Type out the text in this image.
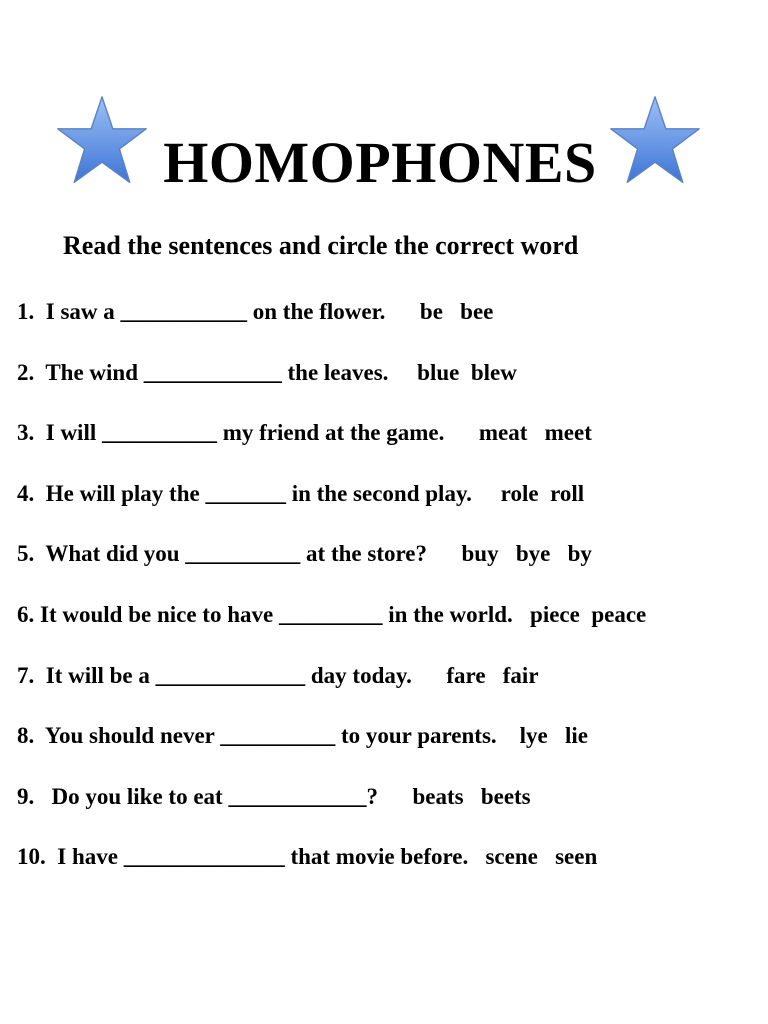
HOMOPHONES

Read the sentences and circle the correct word

1.  I saw a ___________ on the flower.      be   bee
2.  The wind ____________ the leaves.     blue  blew
3.  I will __________ my friend at the game.      meat   meet
4.  He will play the _______ in the second play.     role  roll
5.  What did you __________ at the store?      buy   bye   by
6. It would be nice to have _________ in the world.   piece  peace
7.  It will be a _____________ day today.      fare   fair
8.  You should never __________ to your parents.    lye   lie
9.   Do you like to eat ____________?      beats   beets
10.  I have ______________ that movie before.   scene   seen
